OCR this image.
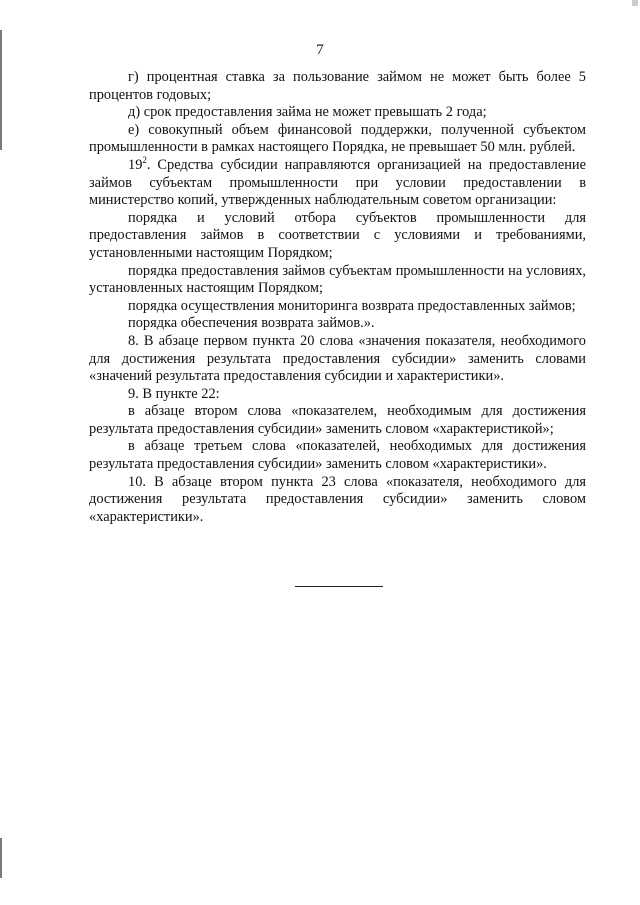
7

г) процентная ставка за пользование займом не может быть более 5 процентов годовых;

д) срок предоставления займа не может превышать 2 года;

е) совокупный объем финансовой поддержки, полученной субъектом промышленности в рамках настоящего Порядка, не превышает 50 млн. рублей.

$19^2$. Средства субсидии направляются организацией на предоставление займов субъектам промышленности при условии предоставлении в министерство копий, утвержденных наблюдательным советом организации:

порядка и условий отбора субъектов промышленности для предоставления займов в соответствии с условиями и требованиями, установленными настоящим Порядком;

порядка предоставления займов субъектам промышленности на условиях, установленных настоящим Порядком;

порядка осуществления мониторинга возврата предоставленных займов;

порядка обеспечения возврата займов.».

8. В абзаце первом пункта 20 слова «значения показателя, необходимого для достижения результата предоставления субсидии» заменить словами «значений результата предоставления субсидии и характеристики».

9. В пункте 22:

в абзаце втором слова «показателем, необходимым для достижения результата предоставления субсидии» заменить словом «характеристикой»;

в абзаце третьем слова «показателей, необходимых для достижения результата предоставления субсидии» заменить словом «характеристики».

10. В абзаце втором пункта 23 слова «показателя, необходимого для достижения результата предоставления субсидии» заменить словом «характеристики».
